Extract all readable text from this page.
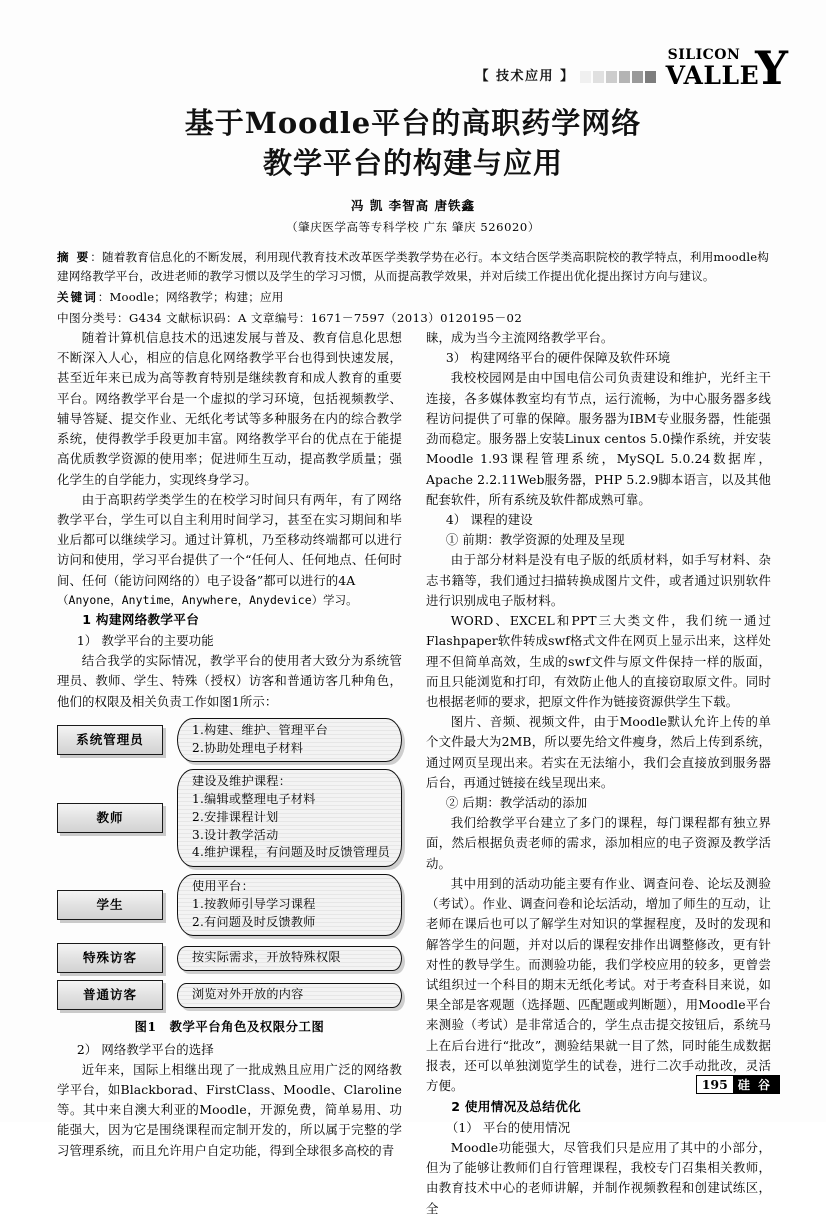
【 技术应用 】
SILICON
VALLE
Y
基于Moodle平台的高职药学网络
教学平台的构建与应用
冯 凯 李智高 唐铁鑫
（肇庆医学高等专科学校 广东 肇庆 526020）

摘 要：随着教育信息化的不断发展，利用现代教育技术改革医学类教学势在必行。本文结合医学类高职院校的教学特点，利用moodle构建网络教学平台，改进老师的教学习惯以及学生的学习习惯，从而提高教学效果，并对后续工作提出优化提出探讨方向与建议。

关键词：Moodle；网络教学；构建；应用

中图分类号：G434 文献标识码：A 文章编号：1671－7597（2013）0120195－02

随着计算机信息技术的迅速发展与普及、教育信息化思想不断深入人心，相应的信息化网络教学平台也得到快速发展，甚至近年来已成为高等教育特别是继续教育和成人教育的重要平台。网络教学平台是一个虚拟的学习环境，包括视频教学、辅导答疑、提交作业、无纸化考试等多种服务在内的综合教学系统，使得教学手段更加丰富。网络教学平台的优点在于能提高优质教学资源的使用率；促进师生互动，提高教学质量；强化学生的自学能力，实现终身学习。

由于高职药学类学生的在校学习时间只有两年，有了网络教学平台，学生可以自主利用时间学习，甚至在实习期间和毕业后都可以继续学习。通过计算机，乃至移动终端都可以进行访问和使用，学习平台提供了一个“任何人、任何地点、任何时间、任何（能访问网络的）电子设备”都可以进行的4A

（Anyone，Anytime，Anywhere，Anydevice）学习。

1 构建网络教学平台

1） 教学平台的主要功能

结合我学的实际情况，教学平台的使用者大致分为系统管理员、教师、学生、特殊（授权）访客和普通访客几种角色，他们的权限及相关负责工作如图1所示：

系统管理员
1.构建、维护、管理平台
2.协助处理电子材料
教师
建设及维护课程：
1.编辑或整理电子材料
2.安排课程计划
3.设计教学活动
4.维护课程，有问题及时反馈管理员
学生
使用平台：
1.按教师引导学习课程
2.有问题及时反馈教师
特殊访客	按实际需求，开放特殊权限
普通访客	浏览对外开放的内容
图1　教学平台角色及权限分工图

2） 网络教学平台的选择

近年来，国际上相继出现了一批成熟且应用广泛的网络教学平台，如Blackborad、FirstClass、Moodle、Claroline等。其中来自澳大利亚的Moodle，开源免费，简单易用、功能强大，因为它是围绕课程而定制开发的，所以属于完整的学习管理系统，而且允许用户自定功能，得到全球很多高校的青

睐，成为当今主流网络教学平台。

3） 构建网络平台的硬件保障及软件环境

我校校园网是由中国电信公司负责建设和维护，光纤主干连接，各多媒体教室均有节点，运行流畅，为中心服务器多线程访问提供了可靠的保障。服务器为IBM专业服务器，性能强劲而稳定。服务器上安装Linux centos 5.0操作系统，并安装Moodle 1.93课程管理系统，MySQL 5.0.24数据库，Apache 2.2.11Web服务器，PHP 5.2.9脚本语言，以及其他配套软件，所有系统及软件都成熟可靠。

4） 课程的建设

① 前期：教学资源的处理及呈现

由于部分材料是没有电子版的纸质材料，如手写材料、杂志书籍等，我们通过扫描转换成图片文件，或者通过识别软件进行识别成电子版材料。

WORD、EXCEL和PPT三大类文件，我们统一通过Flashpaper软件转成swf格式文件在网页上显示出来，这样处理不但简单高效，生成的swf文件与原文件保持一样的版面，而且只能浏览和打印，有效防止他人的直接窃取原文件。同时也根据老师的要求，把原文件作为链接资源供学生下载。

图片、音频、视频文件，由于Moodle默认允许上传的单个文件最大为2MB，所以要先给文件瘦身，然后上传到系统，通过网页呈现出来。若实在无法缩小，我们会直接放到服务器后台，再通过链接在线呈现出来。

② 后期：教学活动的添加

我们给教学平台建立了多门的课程，每门课程都有独立界面，然后根据负责老师的需求，添加相应的电子资源及教学活动。

其中用到的活动功能主要有作业、调查问卷、论坛及测验（考试）。作业、调查问卷和论坛活动，增加了师生的互动，让老师在课后也可以了解学生对知识的掌握程度，及时的发现和解答学生的问题，并对以后的课程安排作出调整修改，更有针对性的教导学生。而测验功能，我们学校应用的较多，更曾尝试组织过一个科目的期末无纸化考试。对于考查科目来说，如果全部是客观题（选择题、匹配题或判断题），用Moodle平台来测验（考试）是非常适合的，学生点击提交按钮后，系统马上在后台进行“批改”，测验结果就一目了然，同时能生成数据报表，还可以单独浏览学生的试卷，进行二次手动批改，灵活方便。

2 使用情况及总结优化

（1） 平台的使用情况

Moodle功能强大，尽管我们只是应用了其中的小部分，但为了能够让教师们自行管理课程，我校专门召集相关教师，由教育技术中心的老师讲解，并制作视频教程和创建试练区，全

195 硅 谷
